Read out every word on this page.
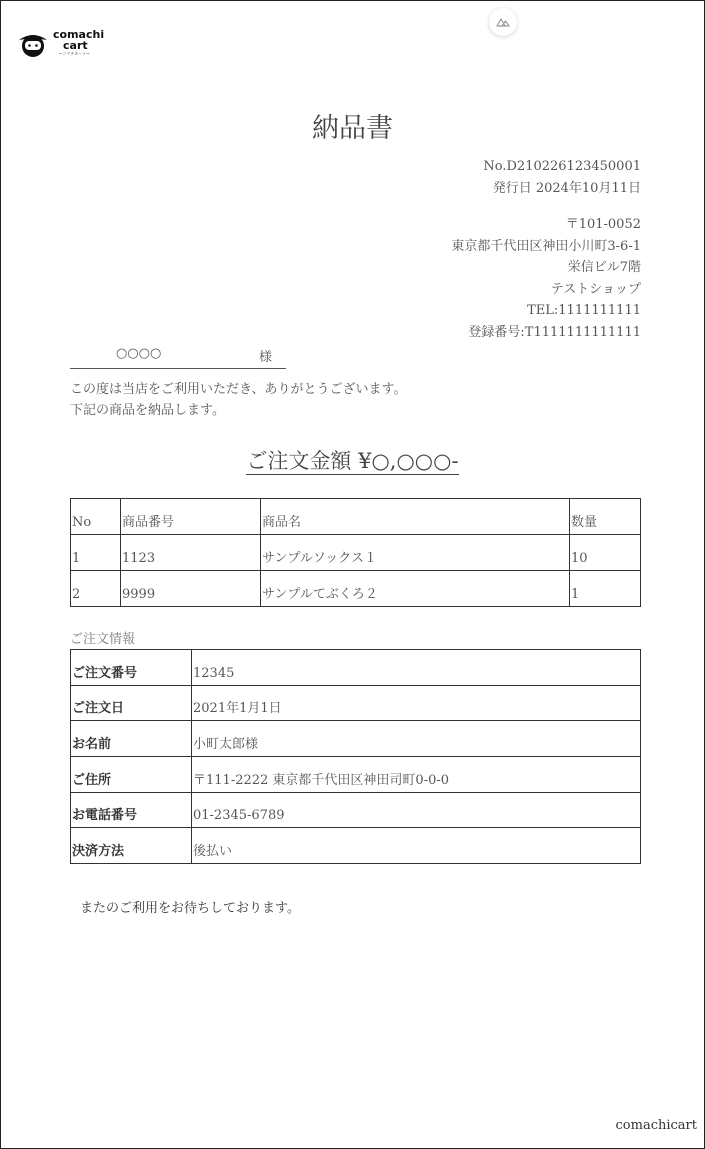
comachi
cart
~コマチカート~
納品書
No.D210226123450001
発行日 2024年10月11日
〒101-0052
東京都千代田区神田小川町3-6-1
栄信ビル7階
テストショップ
TEL:1111111111
登録番号:T1111111111111
○○○○	様
この度は当店をご利用いただき、ありがとうございます。
下記の商品を納品します。
ご注文金額 ¥○,○○○-
No	商品番号	商品名	数量
1	1123	サンプルソックス１	10
2	9999	サンプルてぶくろ２	1
ご注文情報
ご注文番号	12345
ご注文日	2021年1月1日
お名前	小町太郎様
ご住所	〒111-2222 東京都千代田区神田司町0-0-0
お電話番号	01-2345-6789
決済方法	後払い
またのご利用をお待ちしております。
comachicart
